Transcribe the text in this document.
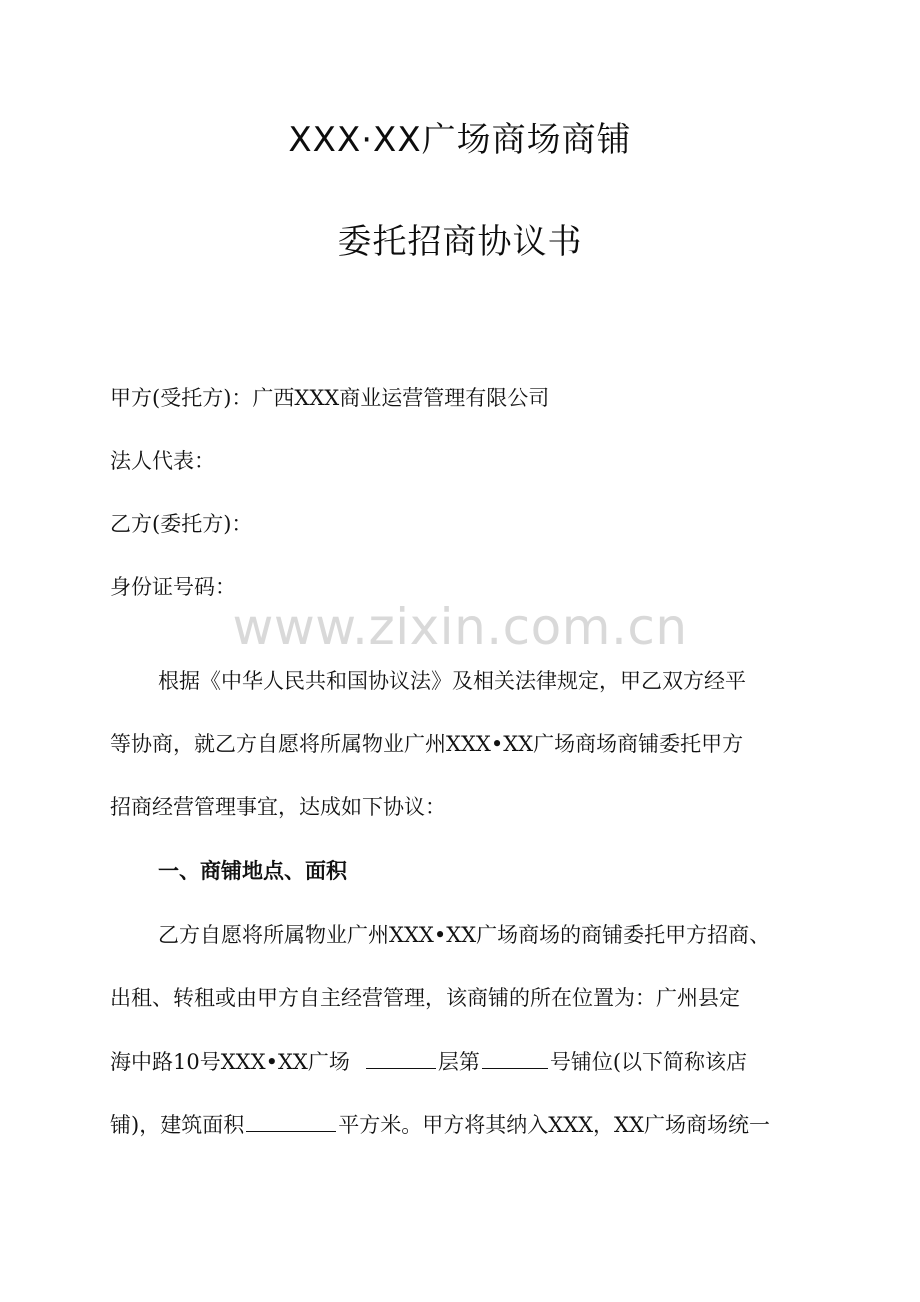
XXX·XX广场商场商铺
委托招商协议书
甲方(受托方)：广西XXX商业运营管理有限公司
法人代表：
乙方(委托方)：
身份证号码：
www.zixin.com.cn
根据《中华人民共和国协议法》及相关法律规定，甲乙双方经平
等协商，就乙方自愿将所属物业广州XXX•XX广场商场商铺委托甲方
招商经营管理事宜，达成如下协议：
一、商铺地点、面积
乙方自愿将所属物业广州XXX•XX广场商场的商铺委托甲方招商、
出租、转租或由甲方自主经营管理，该商铺的所在位置为：广州县定
海中路10号XXX•XX广场	层第	号铺位(以下简称该店
铺)，建筑面积	平方米。甲方将其纳入XXX，XX广场商场统一
